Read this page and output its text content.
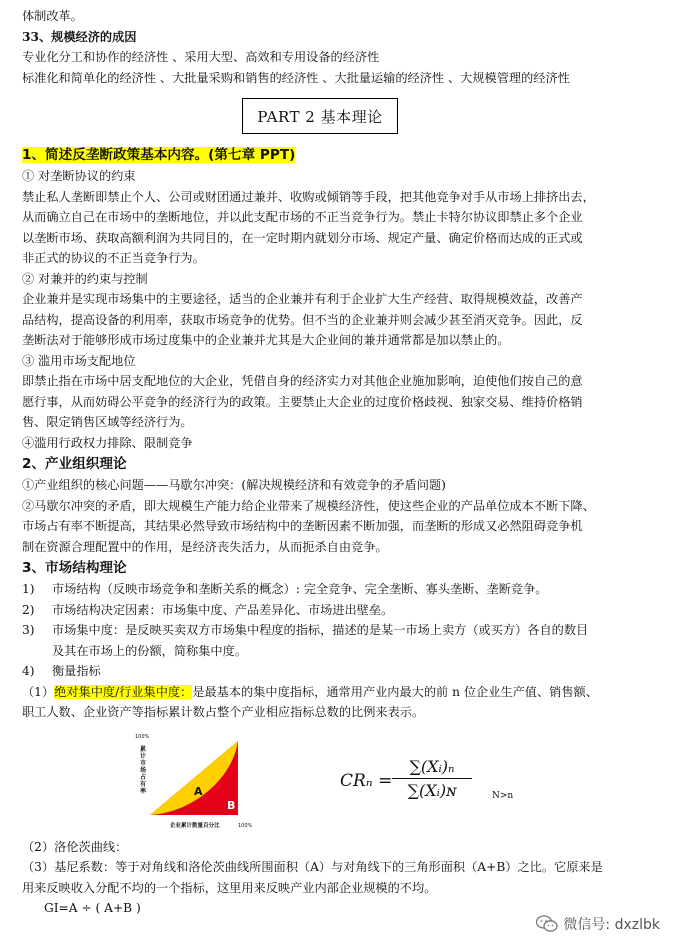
体制改革。
33、规模经济的成因
专业化分工和协作的经济性 、采用大型、高效和专用设备的经济性
标准化和简单化的经济性 、大批量采购和销售的经济性 、大批量运输的经济性 、大规模管理的经济性
PART 2 基本理论
1、简述反垄断政策基本内容。(第七章 PPT)
① 对垄断协议的约束
禁止私人垄断即禁止个人、公司或财团通过兼并、收购或倾销等手段，把其他竞争对手从市场上排挤出去，
从而确立自己在市场中的垄断地位，并以此支配市场的不正当竞争行为。禁止卡特尔协议即禁止多个企业
以垄断市场、获取高额利润为共同目的，在一定时期内就划分市场、规定产量、确定价格而达成的正式或
非正式的协议的不正当竞争行为。
② 对兼并的约束与控制
企业兼并是实现市场集中的主要途径，适当的企业兼并有利于企业扩大生产经营、取得规模效益，改善产
品结构，提高设备的利用率，获取市场竞争的优势。但不当的企业兼并则会减少甚至消灭竞争。因此，反
垄断法对于能够形成市场过度集中的企业兼并尤其是大企业间的兼并通常都是加以禁止的。
③ 滥用市场支配地位
即禁止指在市场中居支配地位的大企业，凭借自身的经济实力对其他企业施加影响，迫使他们按自己的意
愿行事，从而妨碍公平竞争的经济行为的政策。主要禁止大企业的过度价格歧视、独家交易、维持价格销
售、限定销售区域等经济行为。
④滥用行政权力排除、限制竞争
2、产业组织理论
①产业组织的核心问题——马歇尔冲突：(解决规模经济和有效竞争的矛盾问题)
②马歇尔冲突的矛盾，即大规模生产能力给企业带来了规模经济性，使这些企业的产品单位成本不断下降、
市场占有率不断提高，其结果必然导致市场结构中的垄断因素不断加强，而垄断的形成又必然阻碍竞争机
制在资源合理配置中的作用，是经济丧失活力，从而扼杀自由竞争。
3、市场结构理论
1)	市场结构（反映市场竞争和垄断关系的概念）: 完全竞争、完全垄断、寡头垄断、垄断竞争。
2)	市场结构决定因素：市场集中度、产品差异化、市场进出壁垒。
3)	市场集中度：是反映买卖双方市场集中程度的指标，描述的是某一市场上卖方（或买方）各自的数目
及其在市场上的份额，简称集中度。
4)	衡量指标
（1）绝对集中度/行业集中度：是最基本的集中度指标，通常用产业内最大的前 n 位企业生产值、销售额、
职工人数、企业资产等指标累计数占整个产业相应指标总数的比例来表示。
100%
100%
累计市场占有率	A
B
企业累计数量百分比
CRₙ =
∑(Xᵢ)ₙ
∑(Xᵢ)ɴ	N>n
（2）洛伦茨曲线：
（3）基尼系数：等于对角线和洛伦茨曲线所围面积（A）与对角线下的三角形面积（A+B）之比。它原来是
用来反映收入分配不均的一个指标，这里用来反映产业内部企业规模的不均。
GI=A ÷ ( A+B )
微信号: dxzlbk
